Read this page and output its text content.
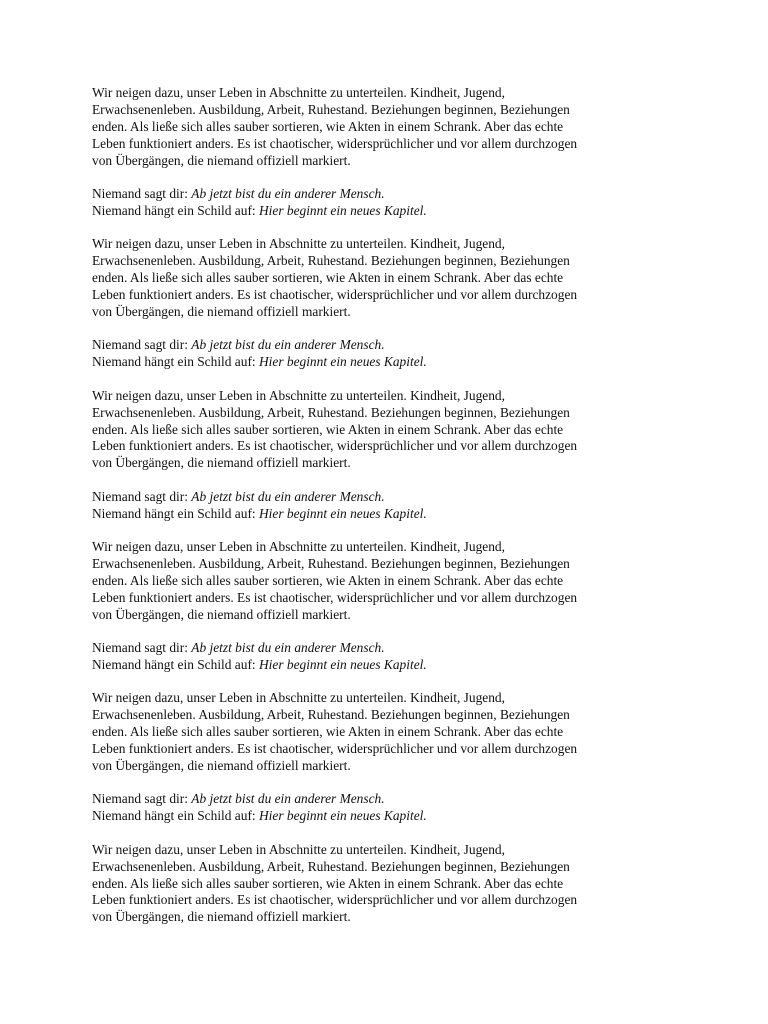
Wir neigen dazu, unser Leben in Abschnitte zu unterteilen. Kindheit, Jugend,
Erwachsenenleben. Ausbildung, Arbeit, Ruhestand. Beziehungen beginnen, Beziehungen
enden. Als ließe sich alles sauber sortieren, wie Akten in einem Schrank. Aber das echte
Leben funktioniert anders. Es ist chaotischer, widersprüchlicher und vor allem durchzogen
von Übergängen, die niemand offiziell markiert.

Niemand sagt dir: Ab jetzt bist du ein anderer Mensch.
Niemand hängt ein Schild auf: Hier beginnt ein neues Kapitel.

Wir neigen dazu, unser Leben in Abschnitte zu unterteilen. Kindheit, Jugend,
Erwachsenenleben. Ausbildung, Arbeit, Ruhestand. Beziehungen beginnen, Beziehungen
enden. Als ließe sich alles sauber sortieren, wie Akten in einem Schrank. Aber das echte
Leben funktioniert anders. Es ist chaotischer, widersprüchlicher und vor allem durchzogen
von Übergängen, die niemand offiziell markiert.

Niemand sagt dir: Ab jetzt bist du ein anderer Mensch.
Niemand hängt ein Schild auf: Hier beginnt ein neues Kapitel.

Wir neigen dazu, unser Leben in Abschnitte zu unterteilen. Kindheit, Jugend,
Erwachsenenleben. Ausbildung, Arbeit, Ruhestand. Beziehungen beginnen, Beziehungen
enden. Als ließe sich alles sauber sortieren, wie Akten in einem Schrank. Aber das echte
Leben funktioniert anders. Es ist chaotischer, widersprüchlicher und vor allem durchzogen
von Übergängen, die niemand offiziell markiert.

Niemand sagt dir: Ab jetzt bist du ein anderer Mensch.
Niemand hängt ein Schild auf: Hier beginnt ein neues Kapitel.

Wir neigen dazu, unser Leben in Abschnitte zu unterteilen. Kindheit, Jugend,
Erwachsenenleben. Ausbildung, Arbeit, Ruhestand. Beziehungen beginnen, Beziehungen
enden. Als ließe sich alles sauber sortieren, wie Akten in einem Schrank. Aber das echte
Leben funktioniert anders. Es ist chaotischer, widersprüchlicher und vor allem durchzogen
von Übergängen, die niemand offiziell markiert.

Niemand sagt dir: Ab jetzt bist du ein anderer Mensch.
Niemand hängt ein Schild auf: Hier beginnt ein neues Kapitel.

Wir neigen dazu, unser Leben in Abschnitte zu unterteilen. Kindheit, Jugend,
Erwachsenenleben. Ausbildung, Arbeit, Ruhestand. Beziehungen beginnen, Beziehungen
enden. Als ließe sich alles sauber sortieren, wie Akten in einem Schrank. Aber das echte
Leben funktioniert anders. Es ist chaotischer, widersprüchlicher und vor allem durchzogen
von Übergängen, die niemand offiziell markiert.

Niemand sagt dir: Ab jetzt bist du ein anderer Mensch.
Niemand hängt ein Schild auf: Hier beginnt ein neues Kapitel.

Wir neigen dazu, unser Leben in Abschnitte zu unterteilen. Kindheit, Jugend,
Erwachsenenleben. Ausbildung, Arbeit, Ruhestand. Beziehungen beginnen, Beziehungen
enden. Als ließe sich alles sauber sortieren, wie Akten in einem Schrank. Aber das echte
Leben funktioniert anders. Es ist chaotischer, widersprüchlicher und vor allem durchzogen
von Übergängen, die niemand offiziell markiert.
